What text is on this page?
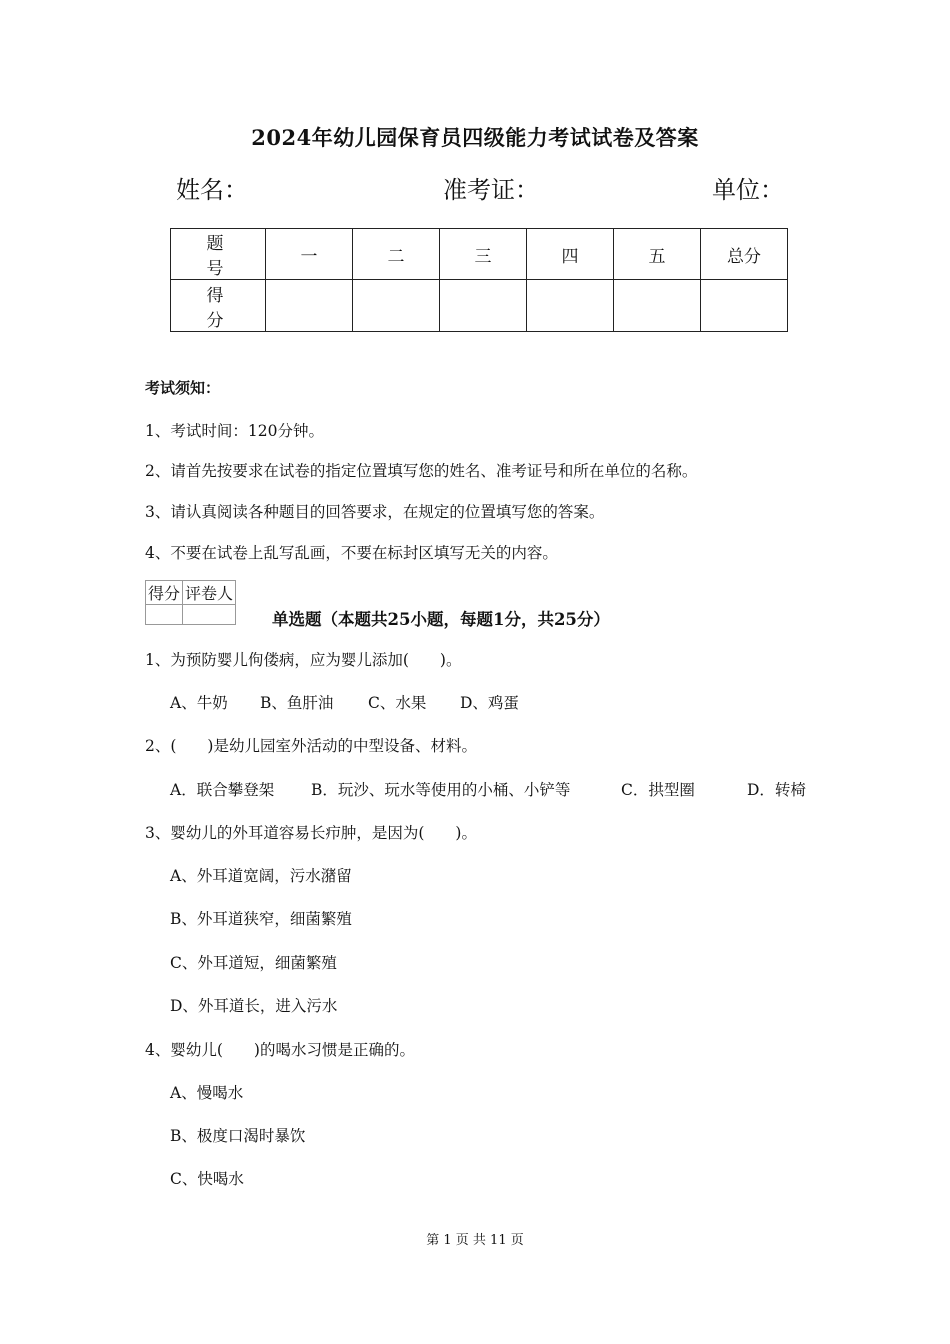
2024年幼儿园保育员四级能力考试试卷及答案
姓名：	准考证：	单位：
题　号	一	二	三	四	五	总分
得　分						
考试须知：
1、考试时间：120分钟。
2、请首先按要求在试卷的指定位置填写您的姓名、准考证号和所在单位的名称。
3、请认真阅读各种题目的回答要求，在规定的位置填写您的答案。
4、不要在试卷上乱写乱画，不要在标封区填写无关的内容。
得分	评卷人

单选题（本题共25小题，每题1分，共25分）
1、为预防婴儿佝偻病，应为婴儿添加(　　)。
A、牛奶 B、鱼肝油 C、水果 D、鸡蛋
2、(　　)是幼儿园室外活动的中型设备、材料。
A．联合攀登架 B．玩沙、玩水等使用的小桶、小铲等	C．拱型圈	D．转椅
3、婴幼儿的外耳道容易长疖肿，是因为(　　)。
A、外耳道宽阔，污水潴留
B、外耳道狭窄，细菌繁殖
C、外耳道短，细菌繁殖
D、外耳道长，进入污水
4、婴幼儿(　　)的喝水习惯是正确的。
A、慢喝水
B、极度口渴时暴饮
C、快喝水
第 1 页 共 11 页
